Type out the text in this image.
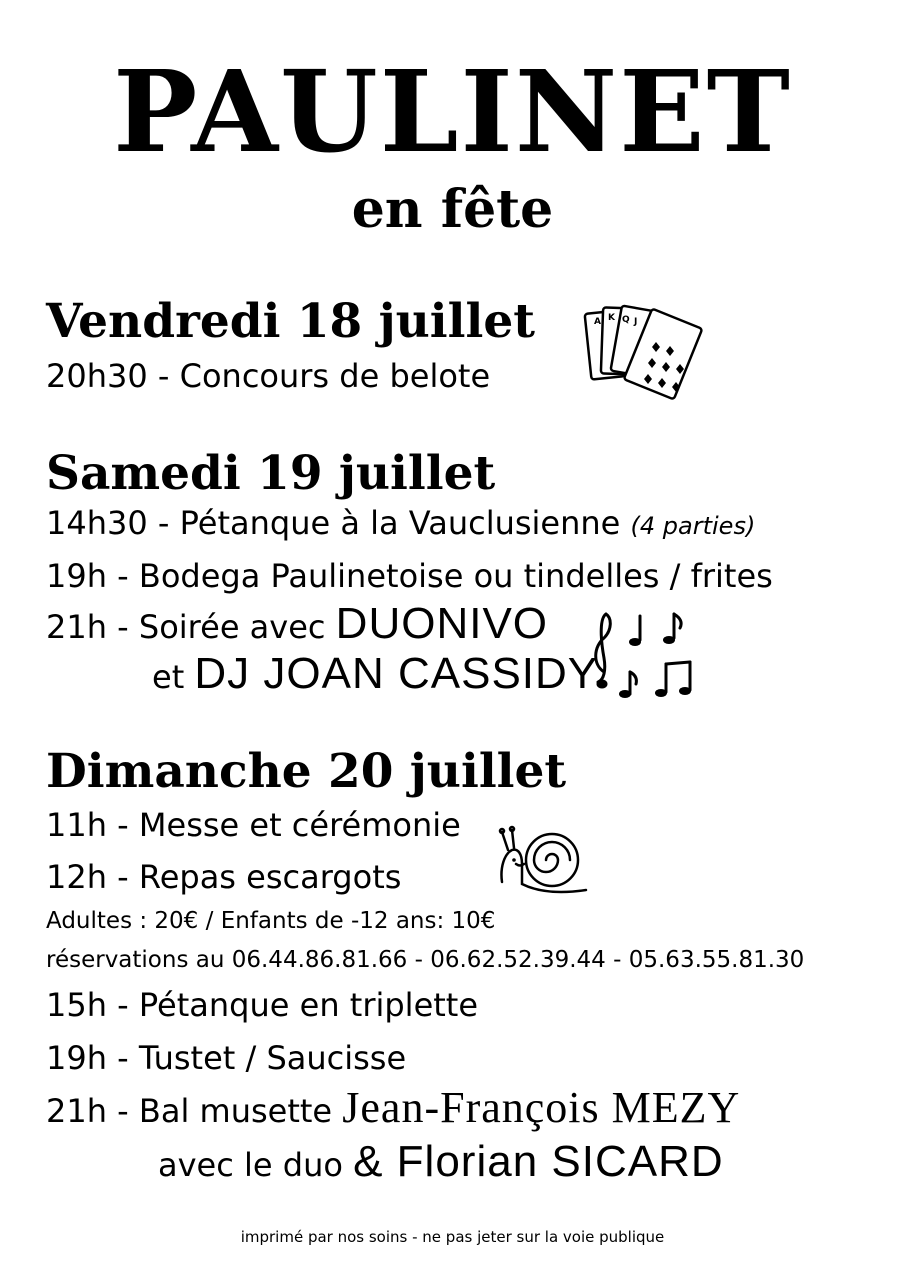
PAULINET
en fête
Vendredi 18 juillet
20h30 - Concours de belote
A K Q J
Samedi 19 juillet
14h30 - Pétanque à la Vauclusienne (4 parties)
19h - Bodega Paulinetoise ou tindelles / frites
21h - Soirée avec DUONIVO
et DJ JOAN CASSIDY
Dimanche 20 juillet
11h - Messe et cérémonie
12h - Repas escargots
Adultes : 20€ / Enfants de -12 ans: 10€
réservations au 06.44.86.81.66 - 06.62.52.39.44 - 05.63.55.81.30
15h - Pétanque en triplette
19h - Tustet / Saucisse
21h - Bal musette Jean-François MEZY
avec le duo & Florian SICARD
imprimé par nos soins - ne pas jeter sur la voie publique
